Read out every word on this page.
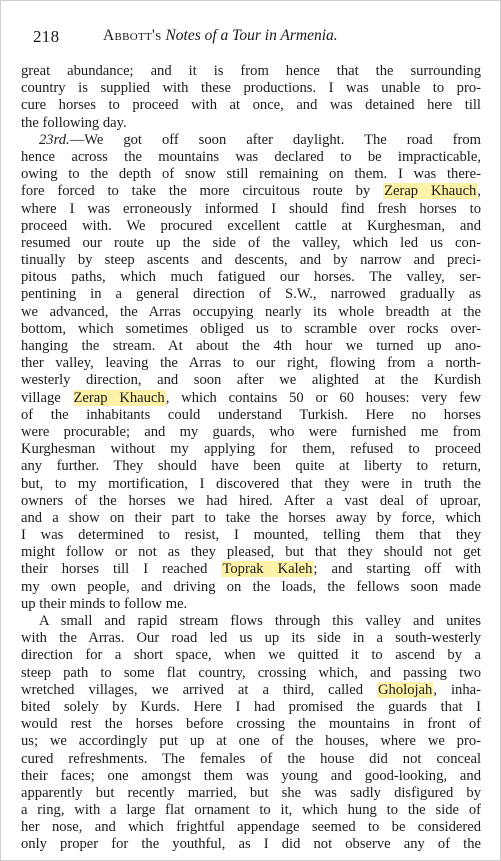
218	Abbott's Notes of a Tour in Armenia.
great abundance; and it is from hence that the surrounding
country is supplied with these productions. I was unable to pro-
cure horses to proceed with at once, and was detained here till
the following day.
23rd.—We got off soon after daylight. The road from
hence across the mountains was declared to be impracticable,
owing to the depth of snow still remaining on them. I was there-
fore forced to take the more circuitous route by Zerap Khauch,
where I was erroneously informed I should find fresh horses to
proceed with. We procured excellent cattle at Kurghesman, and
resumed our route up the side of the valley, which led us con-
tinually by steep ascents and descents, and by narrow and preci-
pitous paths, which much fatigued our horses. The valley, ser-
pentining in a general direction of S.W., narrowed gradually as
we advanced, the Arras occupying nearly its whole breadth at the
bottom, which sometimes obliged us to scramble over rocks over-
hanging the stream. At about the 4th hour we turned up ano-
ther valley, leaving the Arras to our right, flowing from a north-
westerly direction, and soon after we alighted at the Kurdish
village Zerap Khauch, which contains 50 or 60 houses: very few
of the inhabitants could understand Turkish. Here no horses
were procurable; and my guards, who were furnished me from
Kurghesman without my applying for them, refused to proceed
any further. They should have been quite at liberty to return,
but, to my mortification, I discovered that they were in truth the
owners of the horses we had hired. After a vast deal of uproar,
and a show on their part to take the horses away by force, which
I was determined to resist, I mounted, telling them that they
might follow or not as they pleased, but that they should not get
their horses till I reached Toprak Kaleh; and starting off with
my own people, and driving on the loads, the fellows soon made
up their minds to follow me.
A small and rapid stream flows through this valley and unites
with the Arras. Our road led us up its side in a south-westerly
direction for a short space, when we quitted it to ascend by a
steep path to some flat country, crossing which, and passing two
wretched villages, we arrived at a third, called Gholojah, inha-
bited solely by Kurds. Here I had promised the guards that I
would rest the horses before crossing the mountains in front of
us; we accordingly put up at one of the houses, where we pro-
cured refreshments. The females of the house did not conceal
their faces; one amongst them was young and good-looking, and
apparently but recently married, but she was sadly disfigured by
a ring, with a large flat ornament to it, which hung to the side of
her nose, and which frightful appendage seemed to be considered
only proper for the youthful, as I did not observe any of the
